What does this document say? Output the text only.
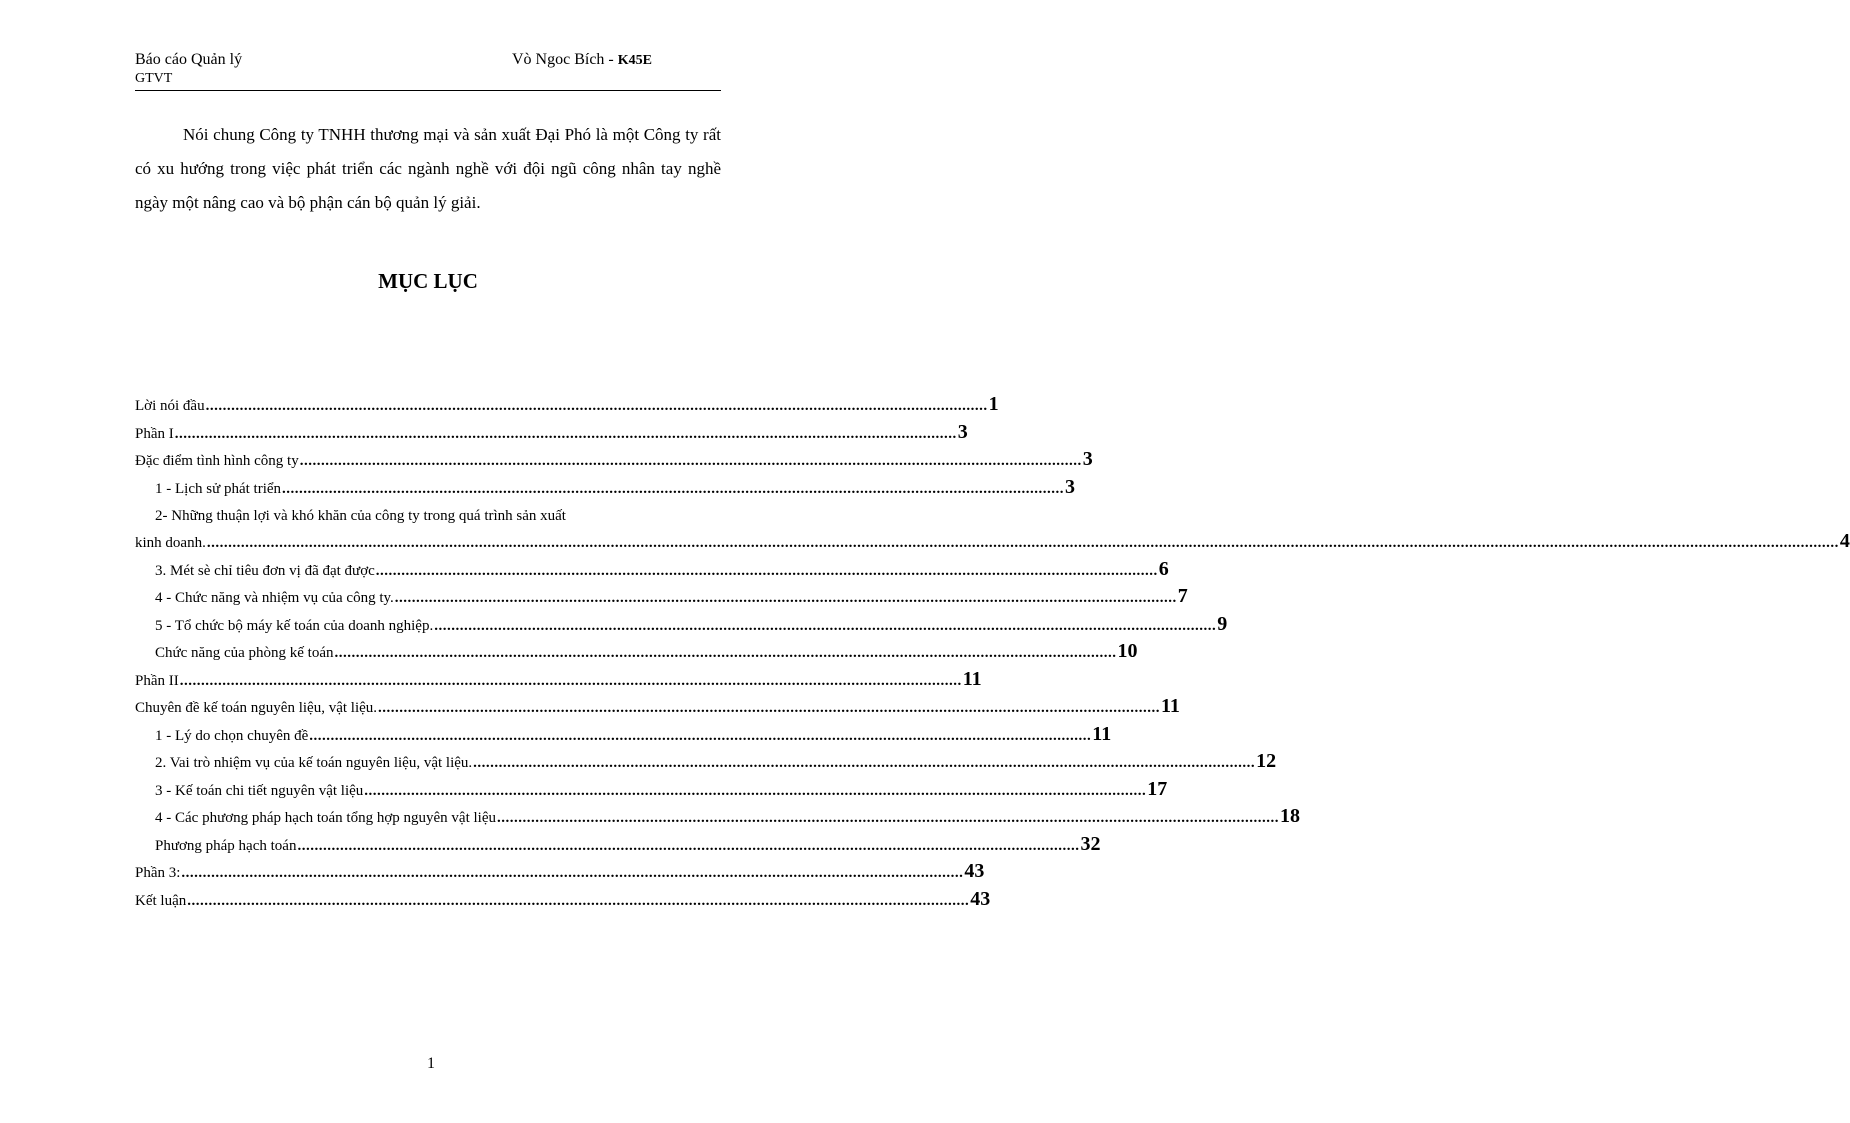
Báo cáo Quản lý
GTVT
Vò Ngoc Bích - K45E

Nói chung Công ty TNHH thương mại và sản xuất Đại Phó là một Công ty rất có xu hướng trong việc phát triển các ngành nghề với đội ngũ công nhân tay nghề ngày một nâng cao và bộ phận cán bộ quản lý giải.

MỤC LỤC
Lời nói đầu .....	1
Phần I .....	3
Đặc điểm tình hình công ty .....	3
1 - Lịch sử phát triển .....	3
2- Những thuận lợi và khó khăn của công ty trong quá trình sản xuất
kinh doanh. ........................................................................................................................................................................................................ .....	4
3. Mét sè chỉ tiêu đơn vị đã đạt được .....	6
4 - Chức năng và nhiệm vụ của công ty. .....	7
5 - Tổ chức bộ máy kế toán của doanh nghiệp. .....	9
Chức năng của phòng kế toán .....	10
Phần II .....	11
Chuyên đề kế toán nguyên liệu, vật liệu. .....	11
1 - Lý do chọn chuyên đề .....	11
2. Vai trò nhiệm vụ của kế toán nguyên liệu, vật liệu. .....	12
3 - Kế toán chi tiết nguyên vật liệu .....	17
4 - Các phương pháp hạch toán tổng hợp nguyên vật liệu .....	18
Phương pháp hạch toán .....	32
Phần 3: .....	43
Kết luận .....	43
1
